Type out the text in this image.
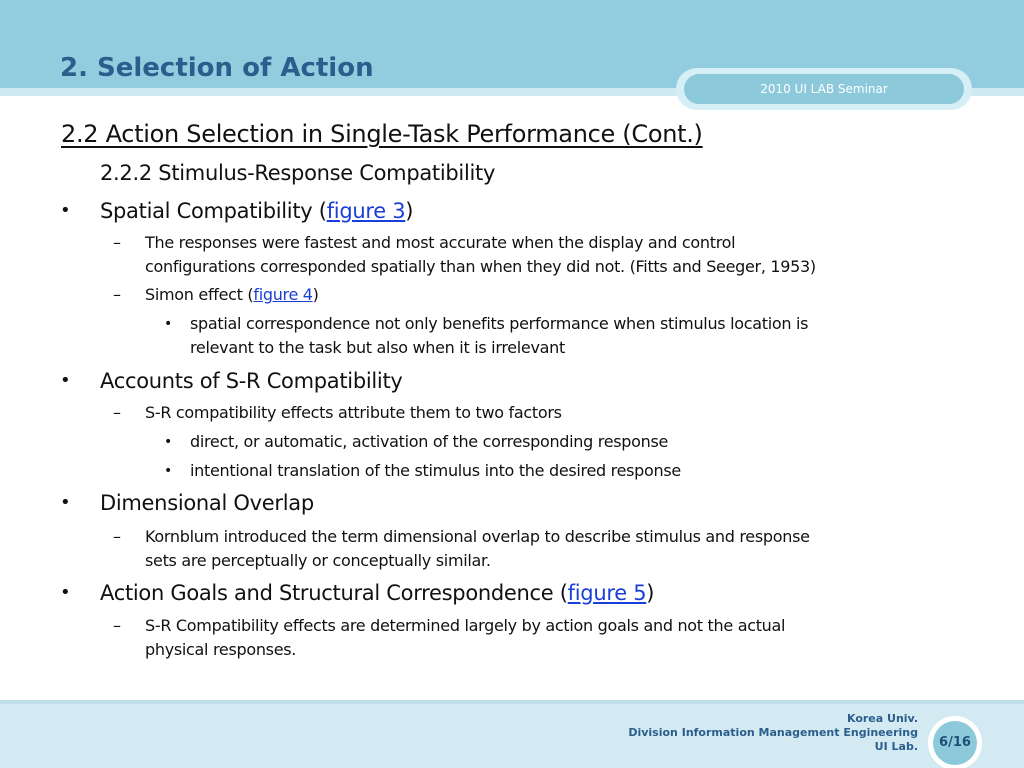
2. Selection of Action
2010 UI LAB Seminar
2.2 Action Selection in Single-Task Performance (Cont.)
2.2.2 Stimulus-Response Compatibility
• Spatial Compatibility (figure 3)
– The responses were fastest and most accurate when the display and control
configurations corresponded spatially than when they did not. (Fitts and Seeger, 1953)
– Simon effect (figure 4)
• spatial correspondence not only benefits performance when stimulus location is
relevant to the task but also when it is irrelevant
• Accounts of S-R Compatibility
– S-R compatibility effects attribute them to two factors
• direct, or automatic, activation of the corresponding response
• intentional translation of the stimulus into the desired response
• Dimensional Overlap
– Kornblum introduced the term dimensional overlap to describe stimulus and response
sets are perceptually or conceptually similar.
• Action Goals and Structural Correspondence (figure 5)
– S-R Compatibility effects are determined largely by action goals and not the actual
physical responses.
Korea Univ.
Division Information Management Engineering
UI Lab.	6/16
